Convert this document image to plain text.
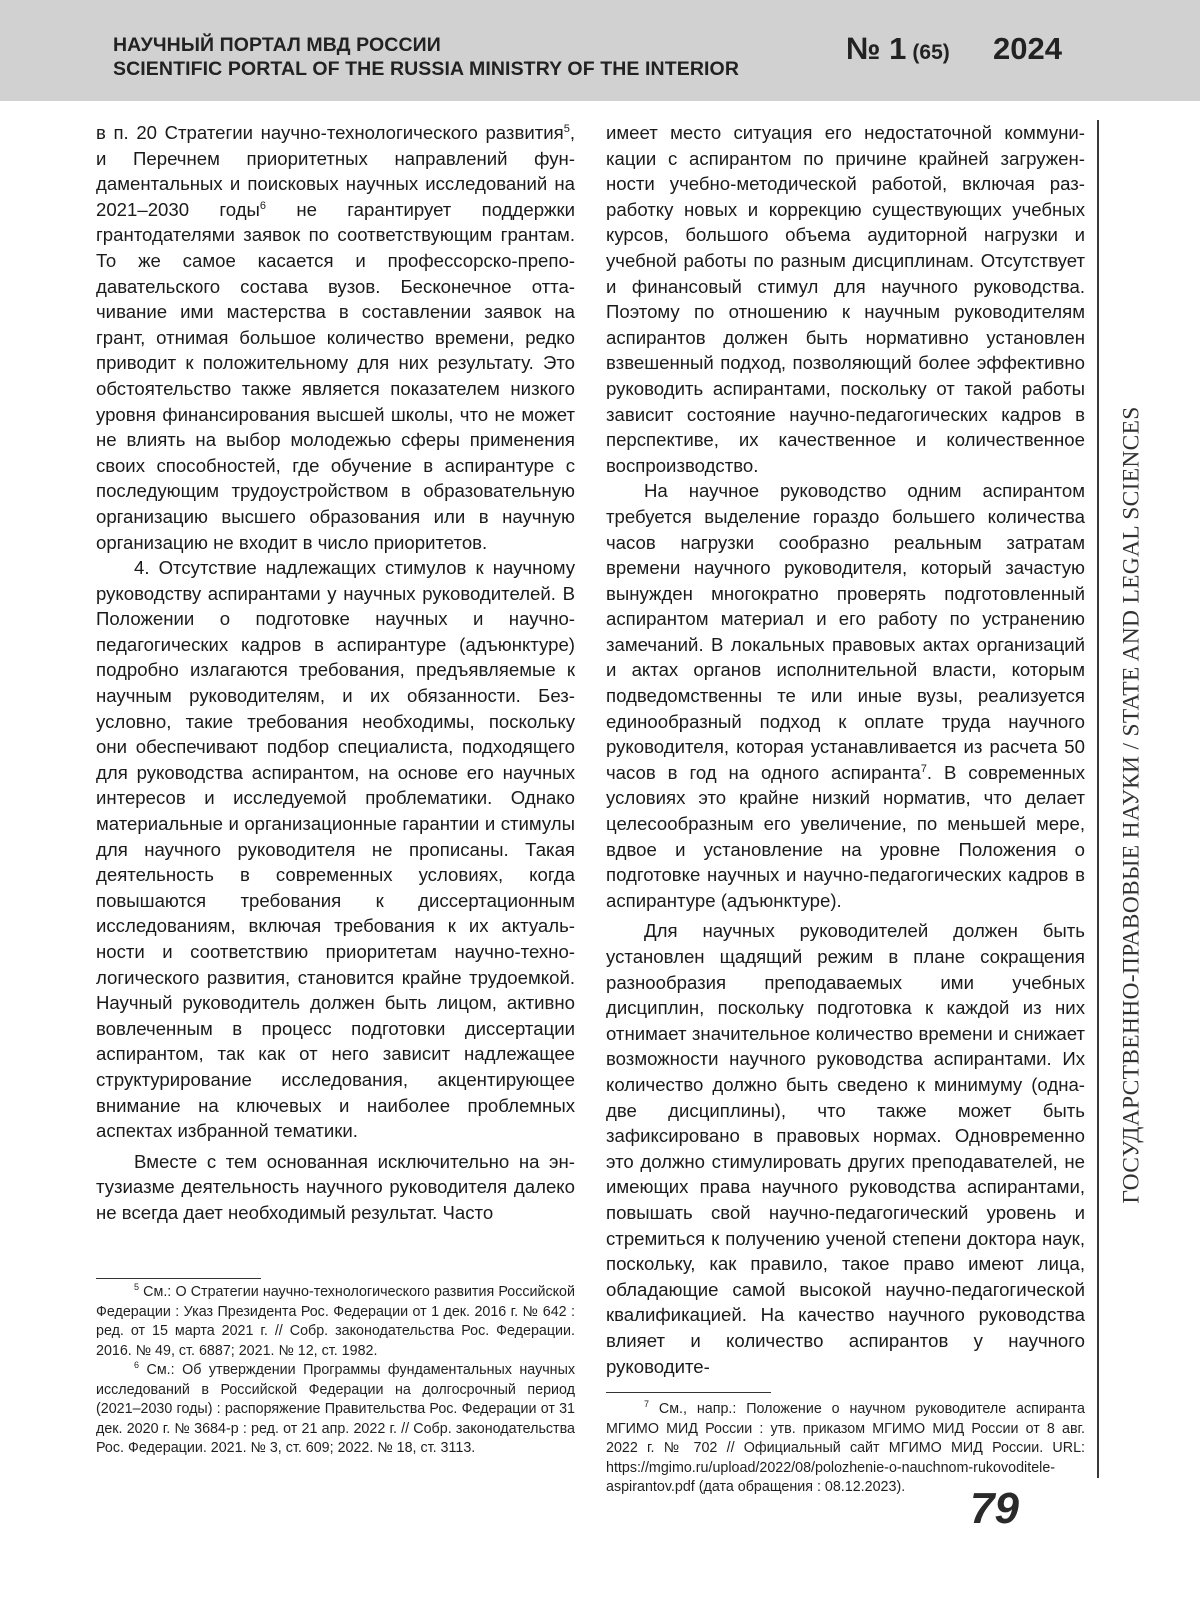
НАУЧНЫЙ ПОРТАЛ МВД РОССИИ
SCIENTIFIC PORTAL OF THE RUSSIA MINISTRY OF THE INTERIOR
№ 1 (65) 2024

в п. 20 Стратегии научно-технологического развития$^5$, и Перечнем приоритетных направлений фундаментальных и поисковых научных исследований на 2021–2030 годы$^6$ не гарантирует поддержки грантодателями заявок по соответствующим грантам. То же самое касается и профессорско-преподавательского состава вузов. Бесконечное оттачивание ими мастерства в составлении заявок на грант, отнимая большое количество времени, редко приводит к положительному для них результату. Это обстоятельство также является показателем низкого уровня финансирования высшей школы, что не может не влиять на выбор молодежью сферы применения своих способностей, где обучение в аспирантуре с последующим трудоустройством в образовательную организацию высшего образования или в научную организацию не входит в число приоритетов.

4. Отсутствие надлежащих стимулов к научному руководству аспирантами у научных руководителей. В Положении о подготовке научных и научно-педагогических кадров в аспирантуре (адъюнктуре) подробно излагаются требования, предъявляемые к научным руководителям, и их обязанности. Безусловно, такие требования необходимы, поскольку они обеспечивают подбор специалиста, подходящего для руководства аспирантом, на основе его научных интересов и исследуемой проблематики. Однако материальные и организационные гарантии и стимулы для научного руководителя не прописаны. Такая деятельность в современных условиях, когда повышаются требования к диссертационным исследованиям, включая требования к их актуальности и соответствию приоритетам научно-технологического развития, становится крайне трудоемкой. Научный руководитель должен быть лицом, активно вовлеченным в процесс подготовки диссертации аспирантом, так как от него зависит надлежащее структурирование исследования, акцентирующее внимание на ключевых и наиболее проблемных аспектах избранной тематики.

Вместе с тем основанная исключительно на энтузиазме деятельность научного руководителя далеко не всегда дает необходимый результат. Часто

имеет место ситуация его недостаточной коммуникации с аспирантом по причине крайней загруженности учебно-методической работой, включая разработку новых и коррекцию существующих учебных курсов, большого объема аудиторной нагрузки и учебной работы по разным дисциплинам. Отсутствует и финансовый стимул для научного руководства. Поэтому по отношению к научным руководителям аспирантов должен быть нормативно установлен взвешенный подход, позволяющий более эффективно руководить аспирантами, поскольку от такой работы зависит состояние научно-педагогических кадров в перспективе, их качественное и количественное воспроизводство.

На научное руководство одним аспирантом требуется выделение гораздо большего количества часов нагрузки сообразно реальным затратам времени научного руководителя, который зачастую вынужден многократно проверять подготовленный аспирантом материал и его работу по устранению замечаний. В локальных правовых актах организаций и актах органов исполнительной власти, которым подведомственны те или иные вузы, реализуется единообразный подход к оплате труда научного руководителя, которая устанавливается из расчета 50 часов в год на одного аспиранта$^7$. В современных условиях это крайне низкий норматив, что делает целесообразным его увеличение, по меньшей мере, вдвое и установление на уровне Положения о подготовке научных и научно-педагогических кадров в аспирантуре (адъюнктуре).

Для научных руководителей должен быть установлен щадящий режим в плане сокращения разнообразия преподаваемых ими учебных дисциплин, поскольку подготовка к каждой из них отнимает значительное количество времени и снижает возможности научного руководства аспирантами. Их количество должно быть сведено к минимуму (одна-две дисциплины), что также может быть зафиксировано в правовых нормах. Одновременно это должно стимулировать других преподавателей, не имеющих права научного руководства аспирантами, повышать свой научно-педагогический уровень и стремиться к получению ученой степени доктора наук, поскольку, как правило, такое право имеют лица, обладающие самой высокой научно-педагогической квалификацией. На качество научного руководства влияет и количество аспирантов у научного руководите-

$^5$ См.: О Стратегии научно-технологического развития Российской Федерации : Указ Президента Рос. Федерации от 1 дек. 2016 г. № 642 : ред. от 15 марта 2021 г. // Собр. законодательства Рос. Федерации. 2016. № 49, ст. 6887; 2021. № 12, ст. 1982.

$^6$ См.: Об утверждении Программы фундаментальных научных исследований в Российской Федерации на долгосрочный период (2021–2030 годы) : распоряжение Правительства Рос. Федерации от 31 дек. 2020 г. № 3684-р : ред. от 21 апр. 2022 г. // Собр. законодательства Рос. Федерации. 2021. № 3, ст. 609; 2022. № 18, ст. 3113.

$^7$ См., напр.: Положение о научном руководителе аспиранта МГИМО МИД России : утв. приказом МГИМО МИД России от 8 авг. 2022 г. № 702 // Официальный сайт МГИМО МИД России. URL: https://mgimo.ru/upload/2022/08/polozhenie-o-nauchnom-rukovoditele-aspirantov.pdf (дата обращения : 08.12.2023).

ГОСУДАРСТВЕННО-ПРАВОВЫЕ НАУКИ / STATE AND LEGAL SCIENCES
79
